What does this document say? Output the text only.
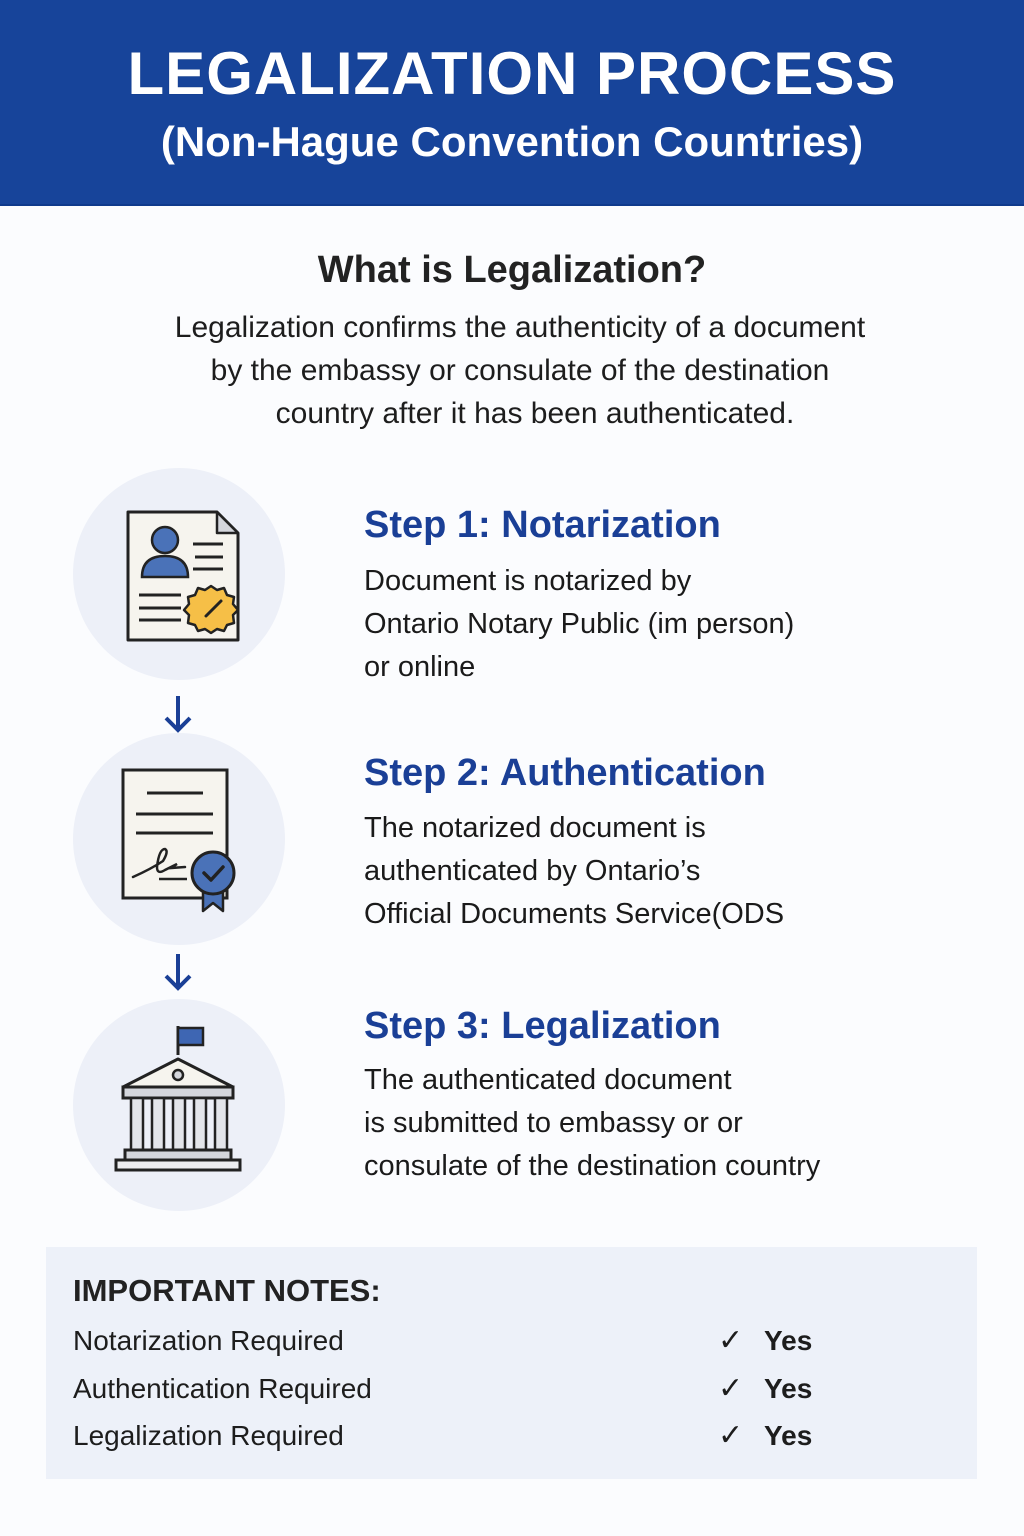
LEGALIZATION PROCESS
(Non-Hague Convention Countries)
What is Legalization?
Legalization confirms the authenticity of a document
by the embassy or consulate of the destination
country after it has been authenticated.
Step 1: Notarization
Document is notarized by
Ontario Notary Public (im person)
or online
Step 2: Authentication
The notarized document is
authenticated by Ontario’s
Official Documents Service(ODS
Step 3: Legalization
The authenticated document
is submitted to embassy or or
consulate of the destination country
IMPORTANT NOTES:
Notarization Required	✓ Yes
Authentication Required	✓ Yes
Legalization Required	✓ Yes
